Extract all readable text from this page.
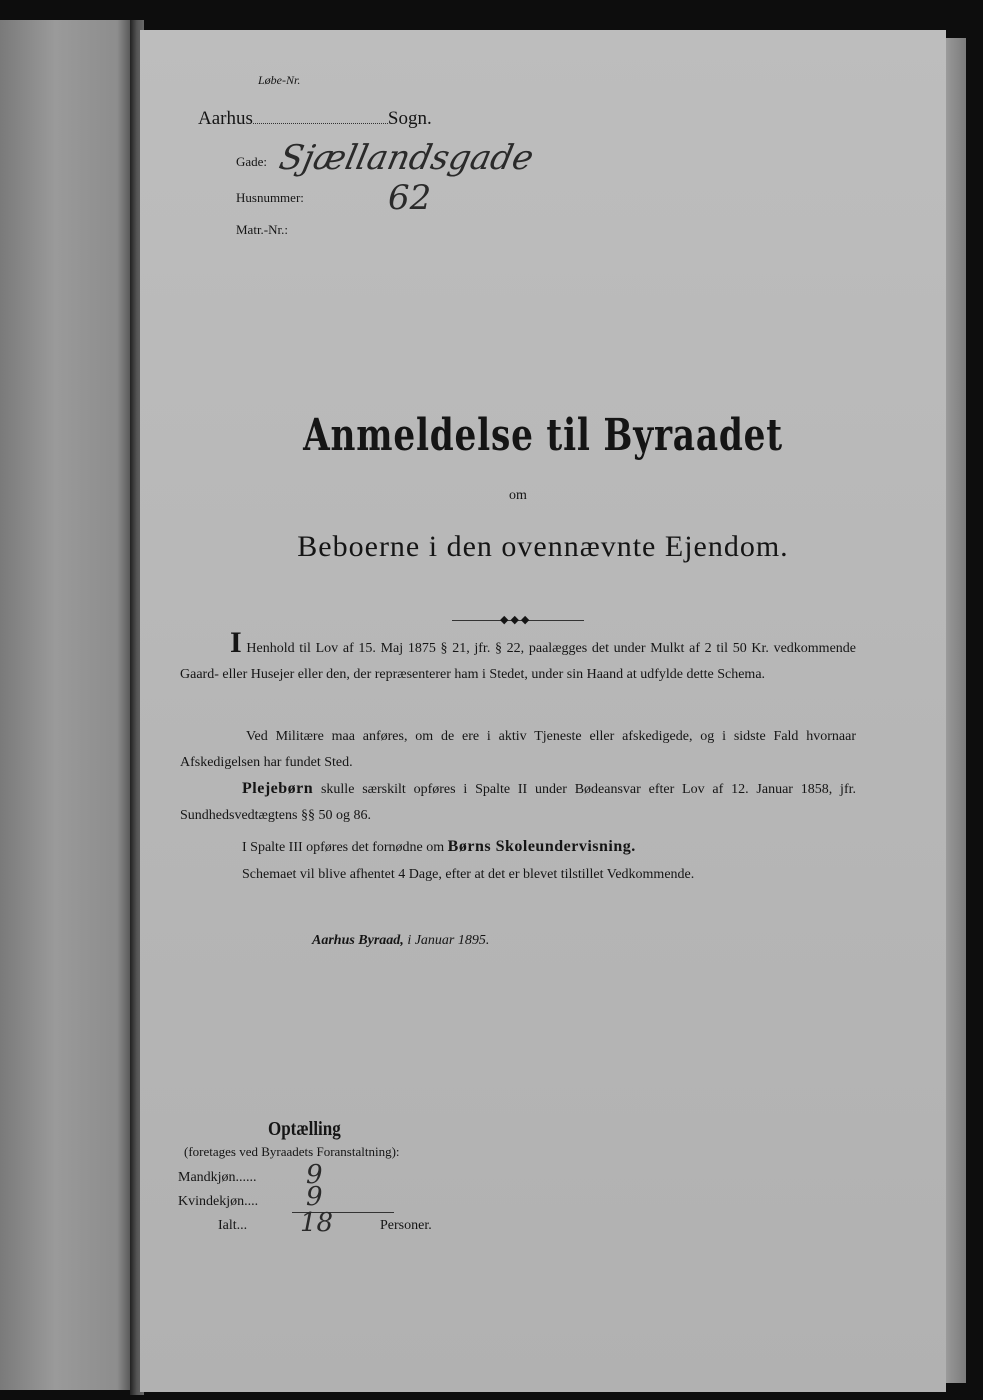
Løbe-Nr.
Aarhus	Sogn.
Gade: Sjællandsgade
Husnummer: 62
Matr.-Nr.:
Anmeldelse til Byraadet
om
Beboerne i den ovennævnte Ejendom.
◆◆◆
I Henhold til Lov af 15. Maj 1875 § 21, jfr. § 22, paalægges det under Mulkt af 2 til 50 Kr. vedkommende Gaard- eller Husejer eller den, der repræsenterer ham i Stedet, under sin Haand at udfylde dette Schema.
Ved Militære maa anføres, om de ere i aktiv Tjeneste eller afskedigede, og i sidste Fald hvornaar Afskedigelsen har fundet Sted.
Plejebørn skulle særskilt opføres i Spalte II under Bødeansvar efter Lov af 12. Januar 1858, jfr. Sundhedsvedtægtens §§ 50 og 86.
I Spalte III opføres det fornødne om Børns Skoleundervisning.
Schemaet vil blive afhentet 4 Dage, efter at det er blevet tilstillet Vedkommende.
Aarhus Byraad, i Januar 1895.
Optælling
(foretages ved Byraadets Foranstaltning):
Mandkjøn...... 9
Kvindekjøn.... 9
Ialt... 18	Personer.
